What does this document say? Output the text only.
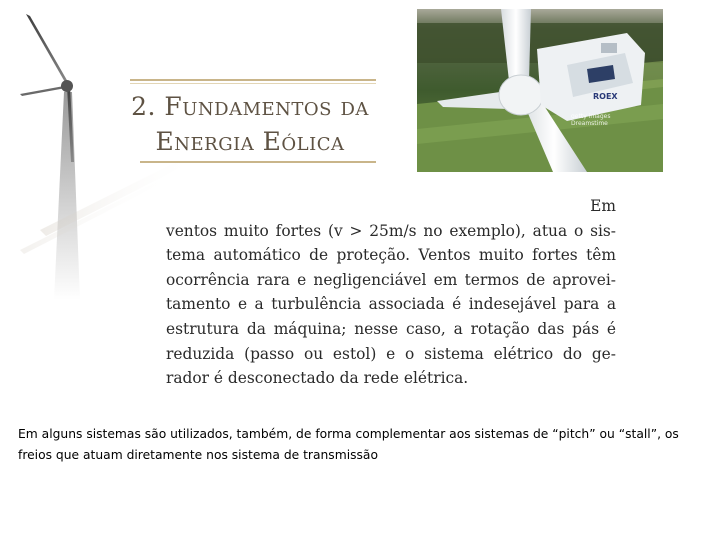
2. Fundamentos da
Energia Eólica
ROEX
getty images
Dreamstime
Em
ventos muito fortes (v > 25m/s no exemplo), atua o sis-
tema automático de proteção. Ventos muito fortes têm
ocorrência rara e negligenciável em termos de aprovei-
tamento e a turbulência associada é indesejável para a
estrutura da máquina; nesse caso, a rotação das pás é
reduzida (passo ou estol) e o sistema elétrico do ge-
rador é desconectado da rede elétrica.
Em alguns sistemas são utilizados, também, de forma complementar aos sistemas de “pitch” ou “stall”, os
freios que atuam diretamente nos sistema de transmissão
